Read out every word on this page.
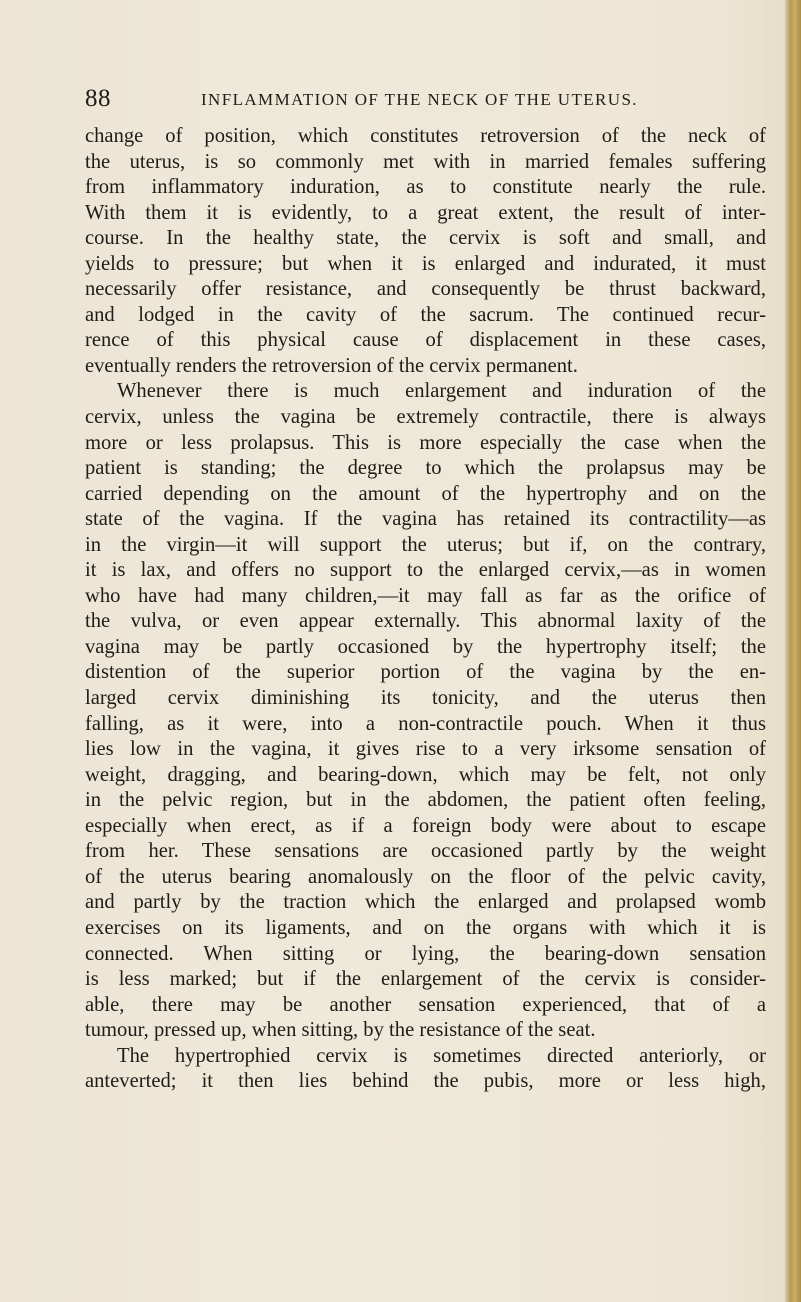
88	INFLAMMATION OF THE NECK OF THE UTERUS.
change of position, which constitutes retroversion of the neck of
the uterus, is so commonly met with in married females suffering
from inflammatory induration, as to constitute nearly the rule.
With them it is evidently, to a great extent, the result of inter-
course. In the healthy state, the cervix is soft and small, and
yields to pressure; but when it is enlarged and indurated, it must
necessarily offer resistance, and consequently be thrust backward,
and lodged in the cavity of the sacrum. The continued recur-
rence of this physical cause of displacement in these cases,
eventually renders the retroversion of the cervix permanent.
Whenever there is much enlargement and induration of the
cervix, unless the vagina be extremely contractile, there is always
more or less prolapsus. This is more especially the case when the
patient is standing; the degree to which the prolapsus may be
carried depending on the amount of the hypertrophy and on the
state of the vagina. If the vagina has retained its contractility—as
in the virgin—it will support the uterus; but if, on the contrary,
it is lax, and offers no support to the enlarged cervix,—as in women
who have had many children,—it may fall as far as the orifice of
the vulva, or even appear externally. This abnormal laxity of the
vagina may be partly occasioned by the hypertrophy itself; the
distention of the superior portion of the vagina by the en-
larged cervix diminishing its tonicity, and the uterus then
falling, as it were, into a non-contractile pouch. When it thus
lies low in the vagina, it gives rise to a very irksome sensation of
weight, dragging, and bearing-down, which may be felt, not only
in the pelvic region, but in the abdomen, the patient often feeling,
especially when erect, as if a foreign body were about to escape
from her. These sensations are occasioned partly by the weight
of the uterus bearing anomalously on the floor of the pelvic cavity,
and partly by the traction which the enlarged and prolapsed womb
exercises on its ligaments, and on the organs with which it is
connected. When sitting or lying, the bearing-down sensation
is less marked; but if the enlargement of the cervix is consider-
able, there may be another sensation experienced, that of a
tumour, pressed up, when sitting, by the resistance of the seat.
The hypertrophied cervix is sometimes directed anteriorly, or
anteverted; it then lies behind the pubis, more or less high,
